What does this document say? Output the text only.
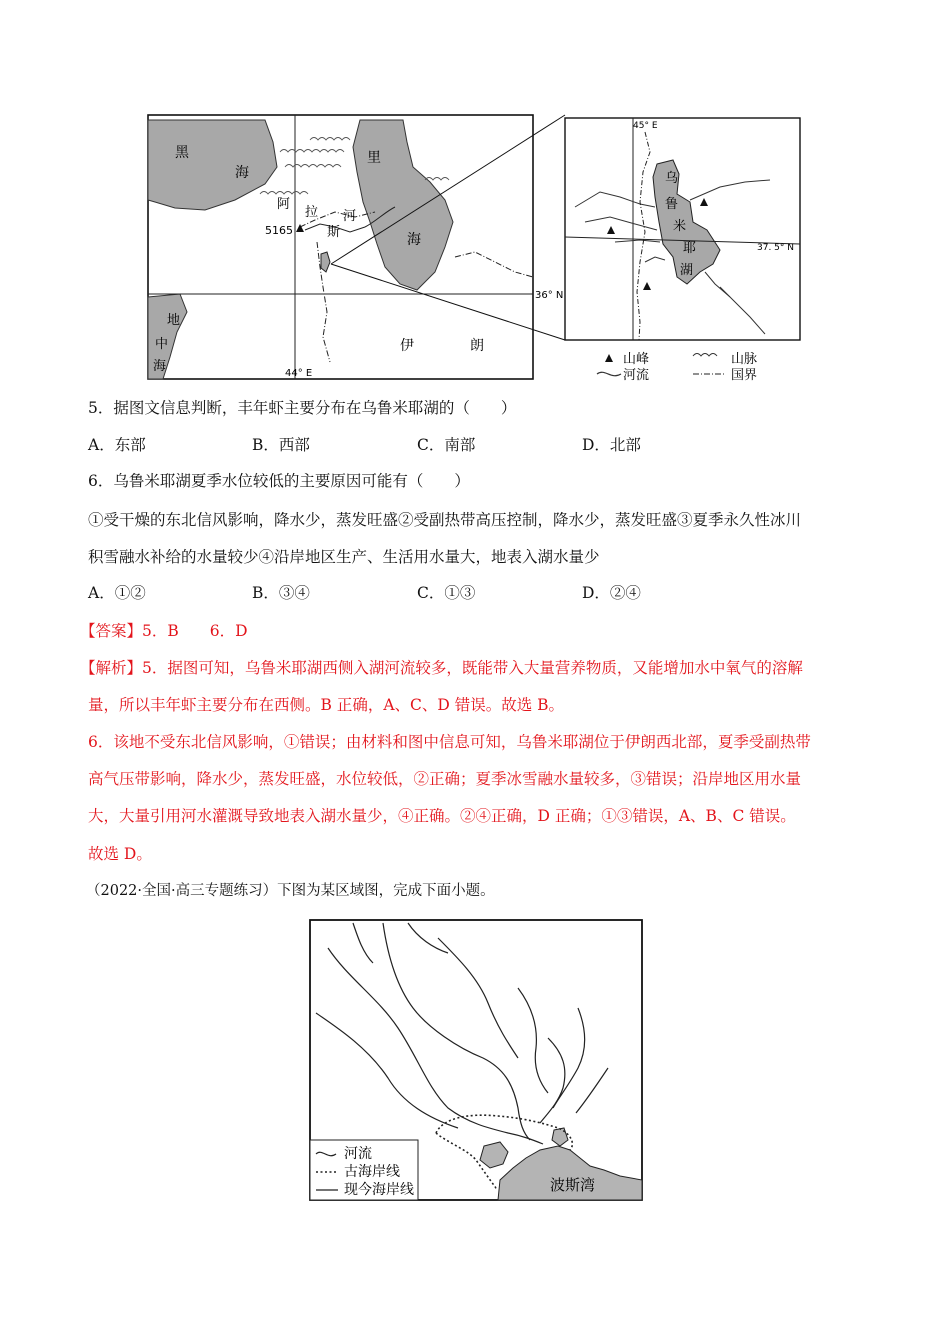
黑
海
里
海
阿
拉
斯
河
5165
36° N
44° E
地
中
海
伊	朗
45° E
37. 5° N
乌
鲁
米
耶
湖
山峰	山脉
河流	国界
5．据图文信息判断，丰年虾主要分布在乌鲁米耶湖的（　　）
A．东部	B．西部	C．南部	D．北部
6．乌鲁米耶湖夏季水位较低的主要原因可能有（　　）
①受干燥的东北信风影响，降水少，蒸发旺盛②受副热带高压控制，降水少，蒸发旺盛③夏季永久性冰川
积雪融水补给的水量较少④沿岸地区生产、生活用水量大，地表入湖水量少
A．①②	B．③④	C．①③	D．②④
【答案】5．B　　6．D
【解析】5．据图可知，乌鲁米耶湖西侧入湖河流较多，既能带入大量营养物质，又能增加水中氧气的溶解
量，所以丰年虾主要分布在西侧。B 正确，A、C、D 错误。故选 B。
6．该地不受东北信风影响，①错误；由材料和图中信息可知，乌鲁米耶湖位于伊朗西北部，夏季受副热带
高气压带影响，降水少，蒸发旺盛，水位较低，②正确；夏季冰雪融水量较多，③错误；沿岸地区用水量
大，大量引用河水灌溉导致地表入湖水量少，④正确。②④正确，D 正确；①③错误，A、B、C 错误。
故选 D。
（2022·全国·高三专题练习）下图为某区域图，完成下面小题。
河流
古海岸线
现今海岸线	波斯湾
